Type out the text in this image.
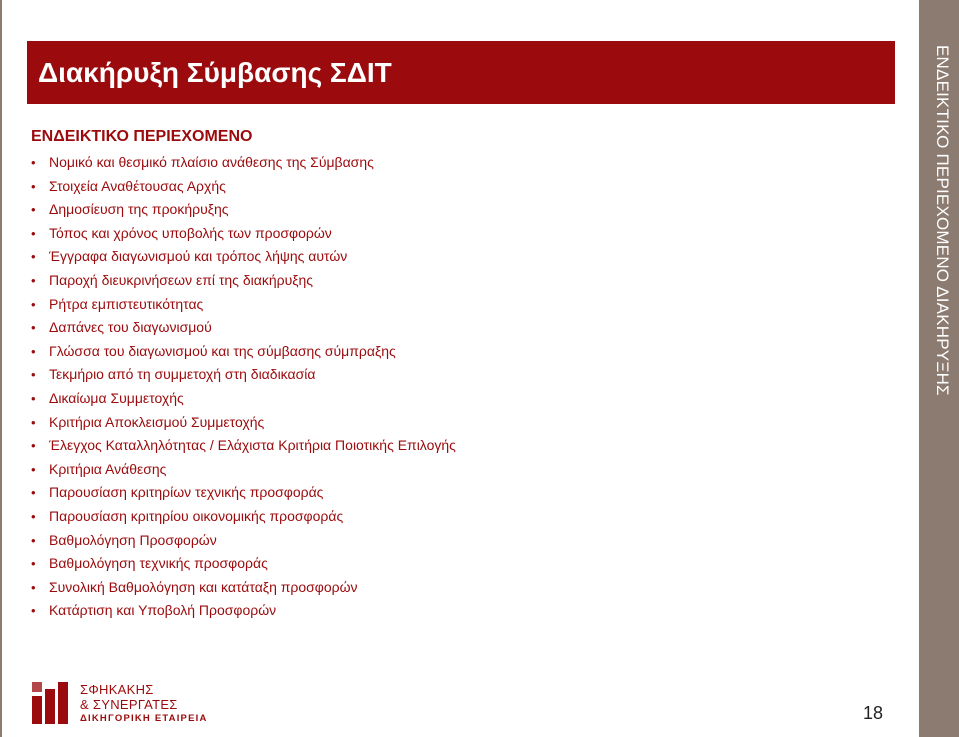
Διακήρυξη Σύμβασης ΣΔΙΤ
ΕΝΔΕΙΚΤΙΚΟ ΠΕΡΙΕΧΟΜΕΝΟ
• Νομικό και θεσμικό πλαίσιο ανάθεσης της Σύμβασης
• Στοιχεία Αναθέτουσας Αρχής
• Δημοσίευση της προκήρυξης
• Τόπος και χρόνος υποβολής των προσφορών
• Έγγραφα διαγωνισμού και τρόπος λήψης αυτών
• Παροχή διευκρινήσεων επί της διακήρυξης
• Ρήτρα εμπιστευτικότητας
• Δαπάνες του διαγωνισμού
• Γλώσσα του διαγωνισμού και της σύμβασης σύμπραξης
• Τεκμήριο από τη συμμετοχή στη διαδικασία
• Δικαίωμα Συμμετοχής
• Κριτήρια Αποκλεισμού Συμμετοχής
• Έλεγχος Καταλληλότητας / Ελάχιστα Κριτήρια Ποιοτικής Επιλογής
• Κριτήρια Ανάθεσης
• Παρουσίαση κριτηρίων τεχνικής προσφοράς
• Παρουσίαση κριτηρίου οικονομικής προσφοράς
• Βαθμολόγηση Προσφορών
• Βαθμολόγηση τεχνικής προσφοράς
• Συνολική Βαθμολόγηση και κατάταξη προσφορών
• Κατάρτιση και Υποβολή Προσφορών
ΕΝΔΕΙΚΤΙΚΟ ΠΕΡΙΕΧΟΜΕΝΟ ΔΙΑΚΗΡΥΞΗΣ
ΣΦΗΚΑΚΗΣ
& ΣΥΝΕΡΓΑΤΕΣ
ΔΙΚΗΓΟΡΙΚΗ ΕΤΑΙΡΕΙΑ	18
